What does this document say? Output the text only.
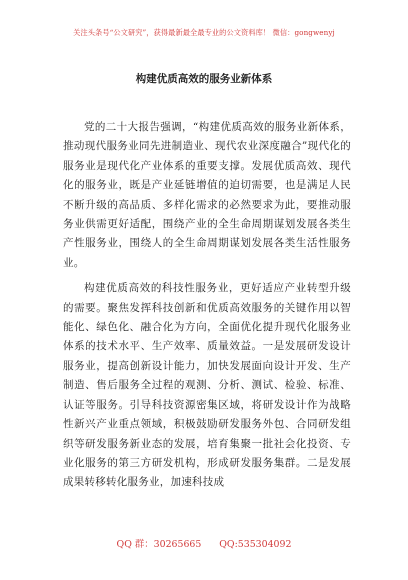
关注头条号“公文研究”，获得最新最全最专业的公文资料库！ 微信：gongwenyj
构建优质高效的服务业新体系

党的二十大报告强调，“构建优质高效的服务业新体系，推动现代服务业同先进制造业、现代农业深度融合”现代化的服务业是现代化产业体系的重要支撑。发展优质高效、现代化的服务业，既是产业延链增值的迫切需要，也是满足人民不断升级的高品质、多样化需求的必然要求为此，要推动服务业供需更好适配，围绕产业的全生命周期谋划发展各类生产性服务业，围绕人的全生命周期谋划发展各类生活性服务业。

构建优质高效的科技性服务业，更好适应产业转型升级的需要。聚焦发挥科技创新和优质高效服务的关键作用以智能化、绿色化、融合化为方向，全面优化提升现代化服务业体系的技术水平、生产效率、质量效益。一是发展研发设计服务业，提高创新设计能力，加快发展面向设计开发、生产制造、售后服务全过程的观测、分析、测试、检验、标准、认证等服务。引导科技资源密集区域，将研发设计作为战略性新兴产业重点领域，积极鼓励研发服务外包、合同研发组织等研发服务新业态的发展，培育集聚一批社会化投资、专业化服务的第三方研发机构，形成研发服务集群。二是发展成果转移转化服务业，加速科技成

QQ 群：30265665      QQ:535304092
